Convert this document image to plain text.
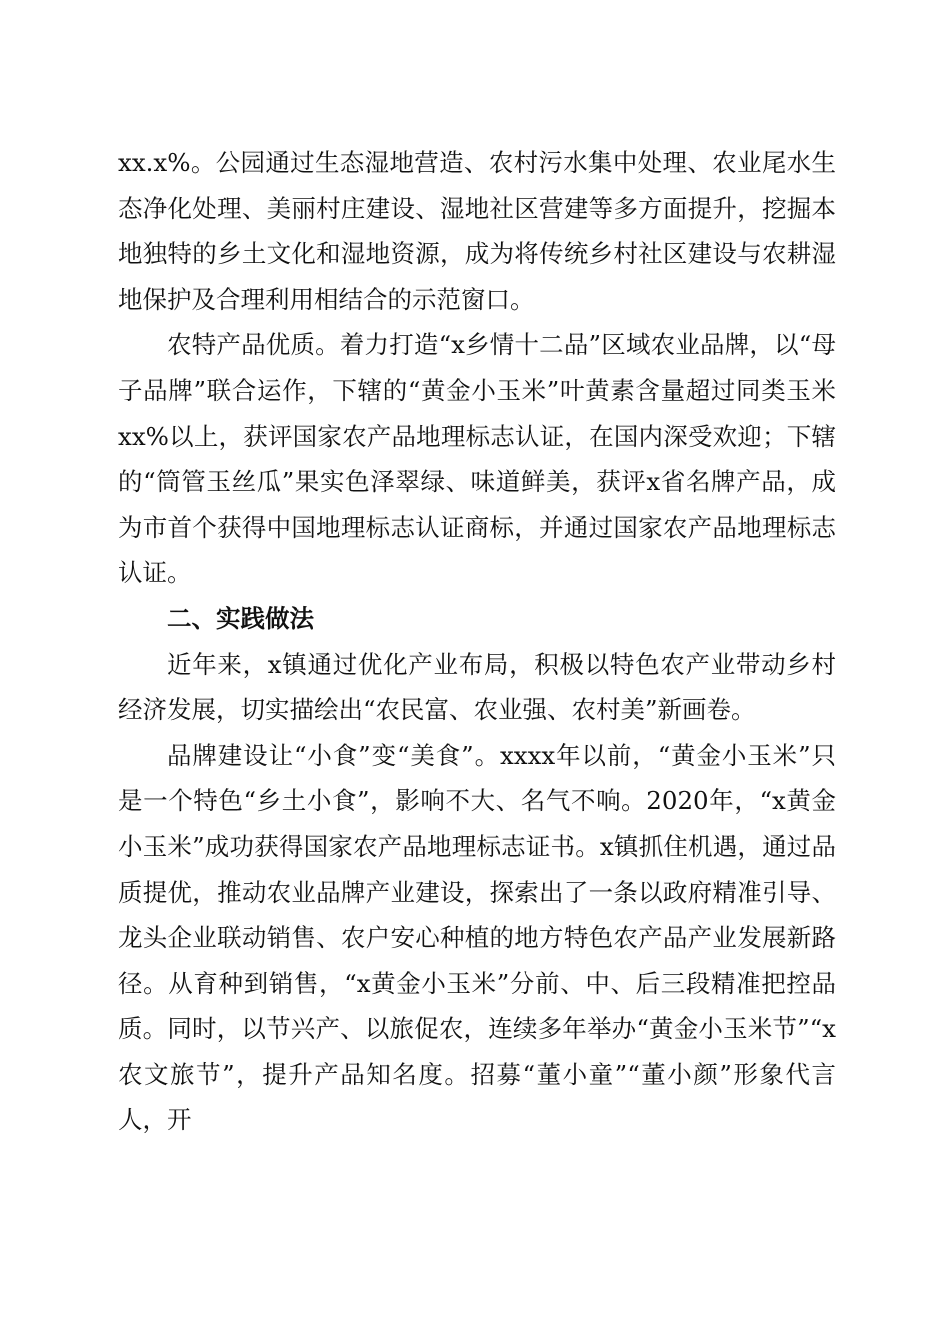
xx.x%。公园通过生态湿地营造、农村污水集中处理、农业尾水生态净化处理、美丽村庄建设、湿地社区营建等多方面提升，挖掘本地独特的乡土文化和湿地资源，成为将传统乡村社区建设与农耕湿地保护及合理利用相结合的示范窗口。

农特产品优质。着力打造“x乡情十二品”区域农业品牌，以“母子品牌”联合运作，下辖的“黄金小玉米”叶黄素含量超过同类玉米xx%以上，获评国家农产品地理标志认证，在国内深受欢迎；下辖的“筒管玉丝瓜”果实色泽翠绿、味道鲜美，获评x省名牌产品，成为市首个获得中国地理标志认证商标，并通过国家农产品地理标志认证。

二、实践做法

近年来，x镇通过优化产业布局，积极以特色农产业带动乡村经济发展，切实描绘出“农民富、农业强、农村美”新画卷。

品牌建设让“小食”变“美食”。xxxx年以前，“黄金小玉米”只是一个特色“乡土小食”，影响不大、名气不响。2020年，“x黄金小玉米”成功获得国家农产品地理标志证书。x镇抓住机遇，通过品质提优，推动农业品牌产业建设，探索出了一条以政府精准引导、龙头企业联动销售、农户安心种植的地方特色农产品产业发展新路径。从育种到销售，“x黄金小玉米”分前、中、后三段精准把控品质。同时，以节兴产、以旅促农，连续多年举办“黄金小玉米节”“x农文旅节”，提升产品知名度。招募“董小童”“董小颜”形象代言人，开
